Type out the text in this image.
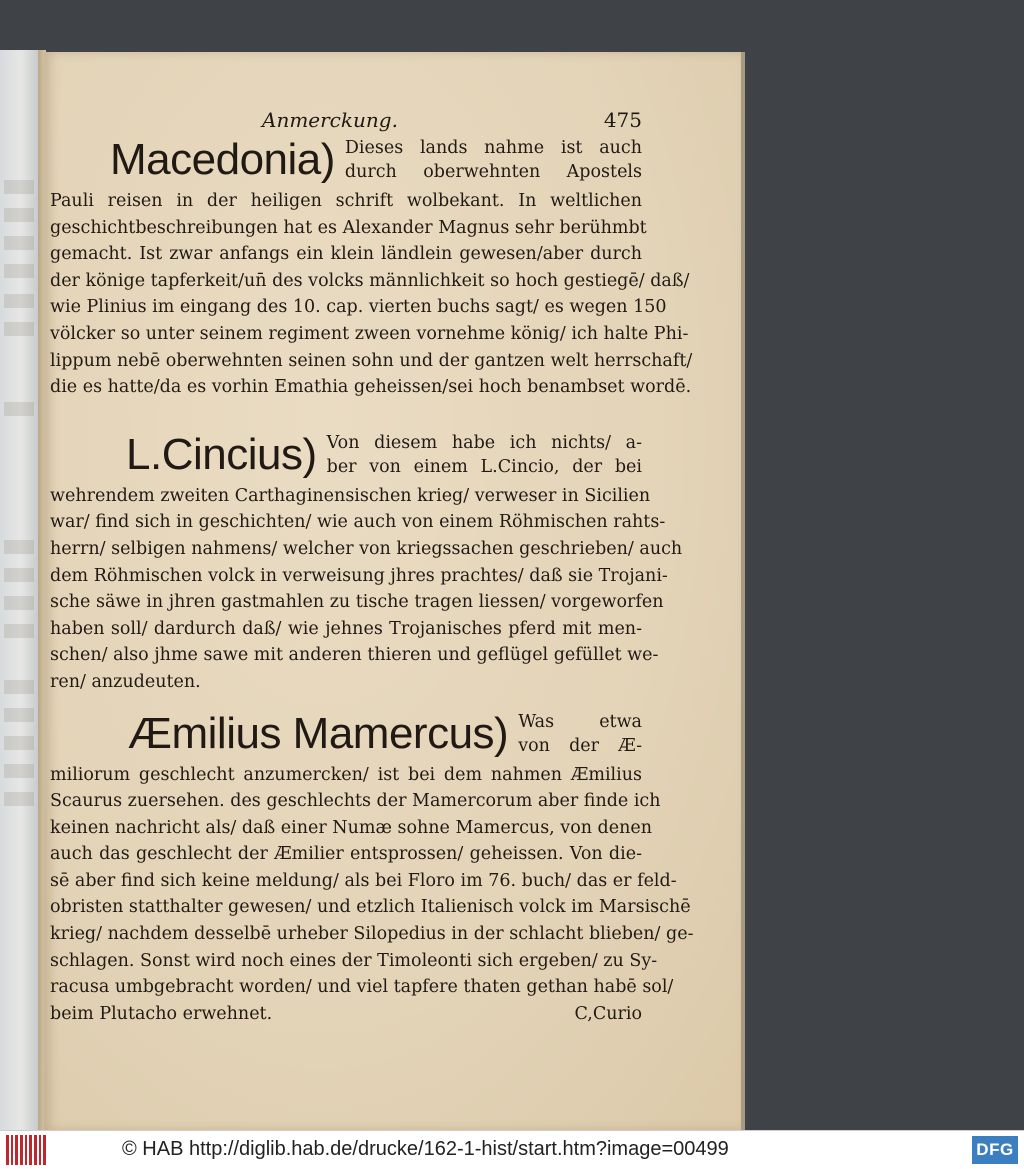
Anmerckung.	475
Macedonia) Dieses lands nahme ist auch
durch oberwehnten Apostels
Pauli reisen in der heiligen schrift wolbekant. In weltlichen
geschichtbeschreibungen hat es Alexander Magnus sehr berühmbt
gemacht. Ist zwar anfangs ein klein ländlein gewesen/aber durch
der könige tapferkeit/un̄ des volcks männlichkeit so hoch gestiegē/ daß/
wie Plinius im eingang des 10. cap. vierten buchs sagt/ es wegen 150
völcker so unter seinem regiment zween vornehme könig/ ich halte Phi-
lippum nebē oberwehnten seinen sohn und der gantzen welt herrschaft/
die es hatte/da es vorhin Emathia geheissen/sei hoch benambset wordē.
L.Cincius) Von diesem habe ich nichts/ a-
ber von einem L.Cincio, der bei
wehrendem zweiten Carthaginensischen krieg/ verweser in Sicilien
war/ find sich in geschichten/ wie auch von einem Röhmischen rahts-
herrn/ selbigen nahmens/ welcher von kriegssachen geschrieben/ auch
dem Röhmischen volck in verweisung jhres prachtes/ daß sie Trojani-
sche säwe in jhren gastmahlen zu tische tragen liessen/ vorgeworfen
haben soll/ dardurch daß/ wie jehnes Trojanisches pferd mit men-
schen/ also jhme sawe mit anderen thieren und geflügel gefüllet we-
ren/ anzudeuten.
Æmilius Mamercus) Was etwa
von der Æ-
miliorum geschlecht anzumercken/ ist bei dem nahmen Æmilius
Scaurus zuersehen. des geschlechts der Mamercorum aber finde ich
keinen nachricht als/ daß einer Numæ sohne Mamercus, von denen
auch das geschlecht der Æmilier entsprossen/ geheissen. Von die-
sē aber find sich keine meldung/ als bei Floro im 76. buch/ das er feld-
obristen statthalter gewesen/ und etzlich Italienisch volck im Marsischē
krieg/ nachdem desselbē urheber Silopedius in der schlacht blieben/ ge-
schlagen. Sonst wird noch eines der Timoleonti sich ergeben/ zu Sy-
racusa umbgebracht worden/ und viel tapfere thaten gethan habē sol/
beim Plutacho erwehnet.	C,Curio
© HAB http://diglib.hab.de/drucke/162-1-hist/start.htm?image=00499	DFG
